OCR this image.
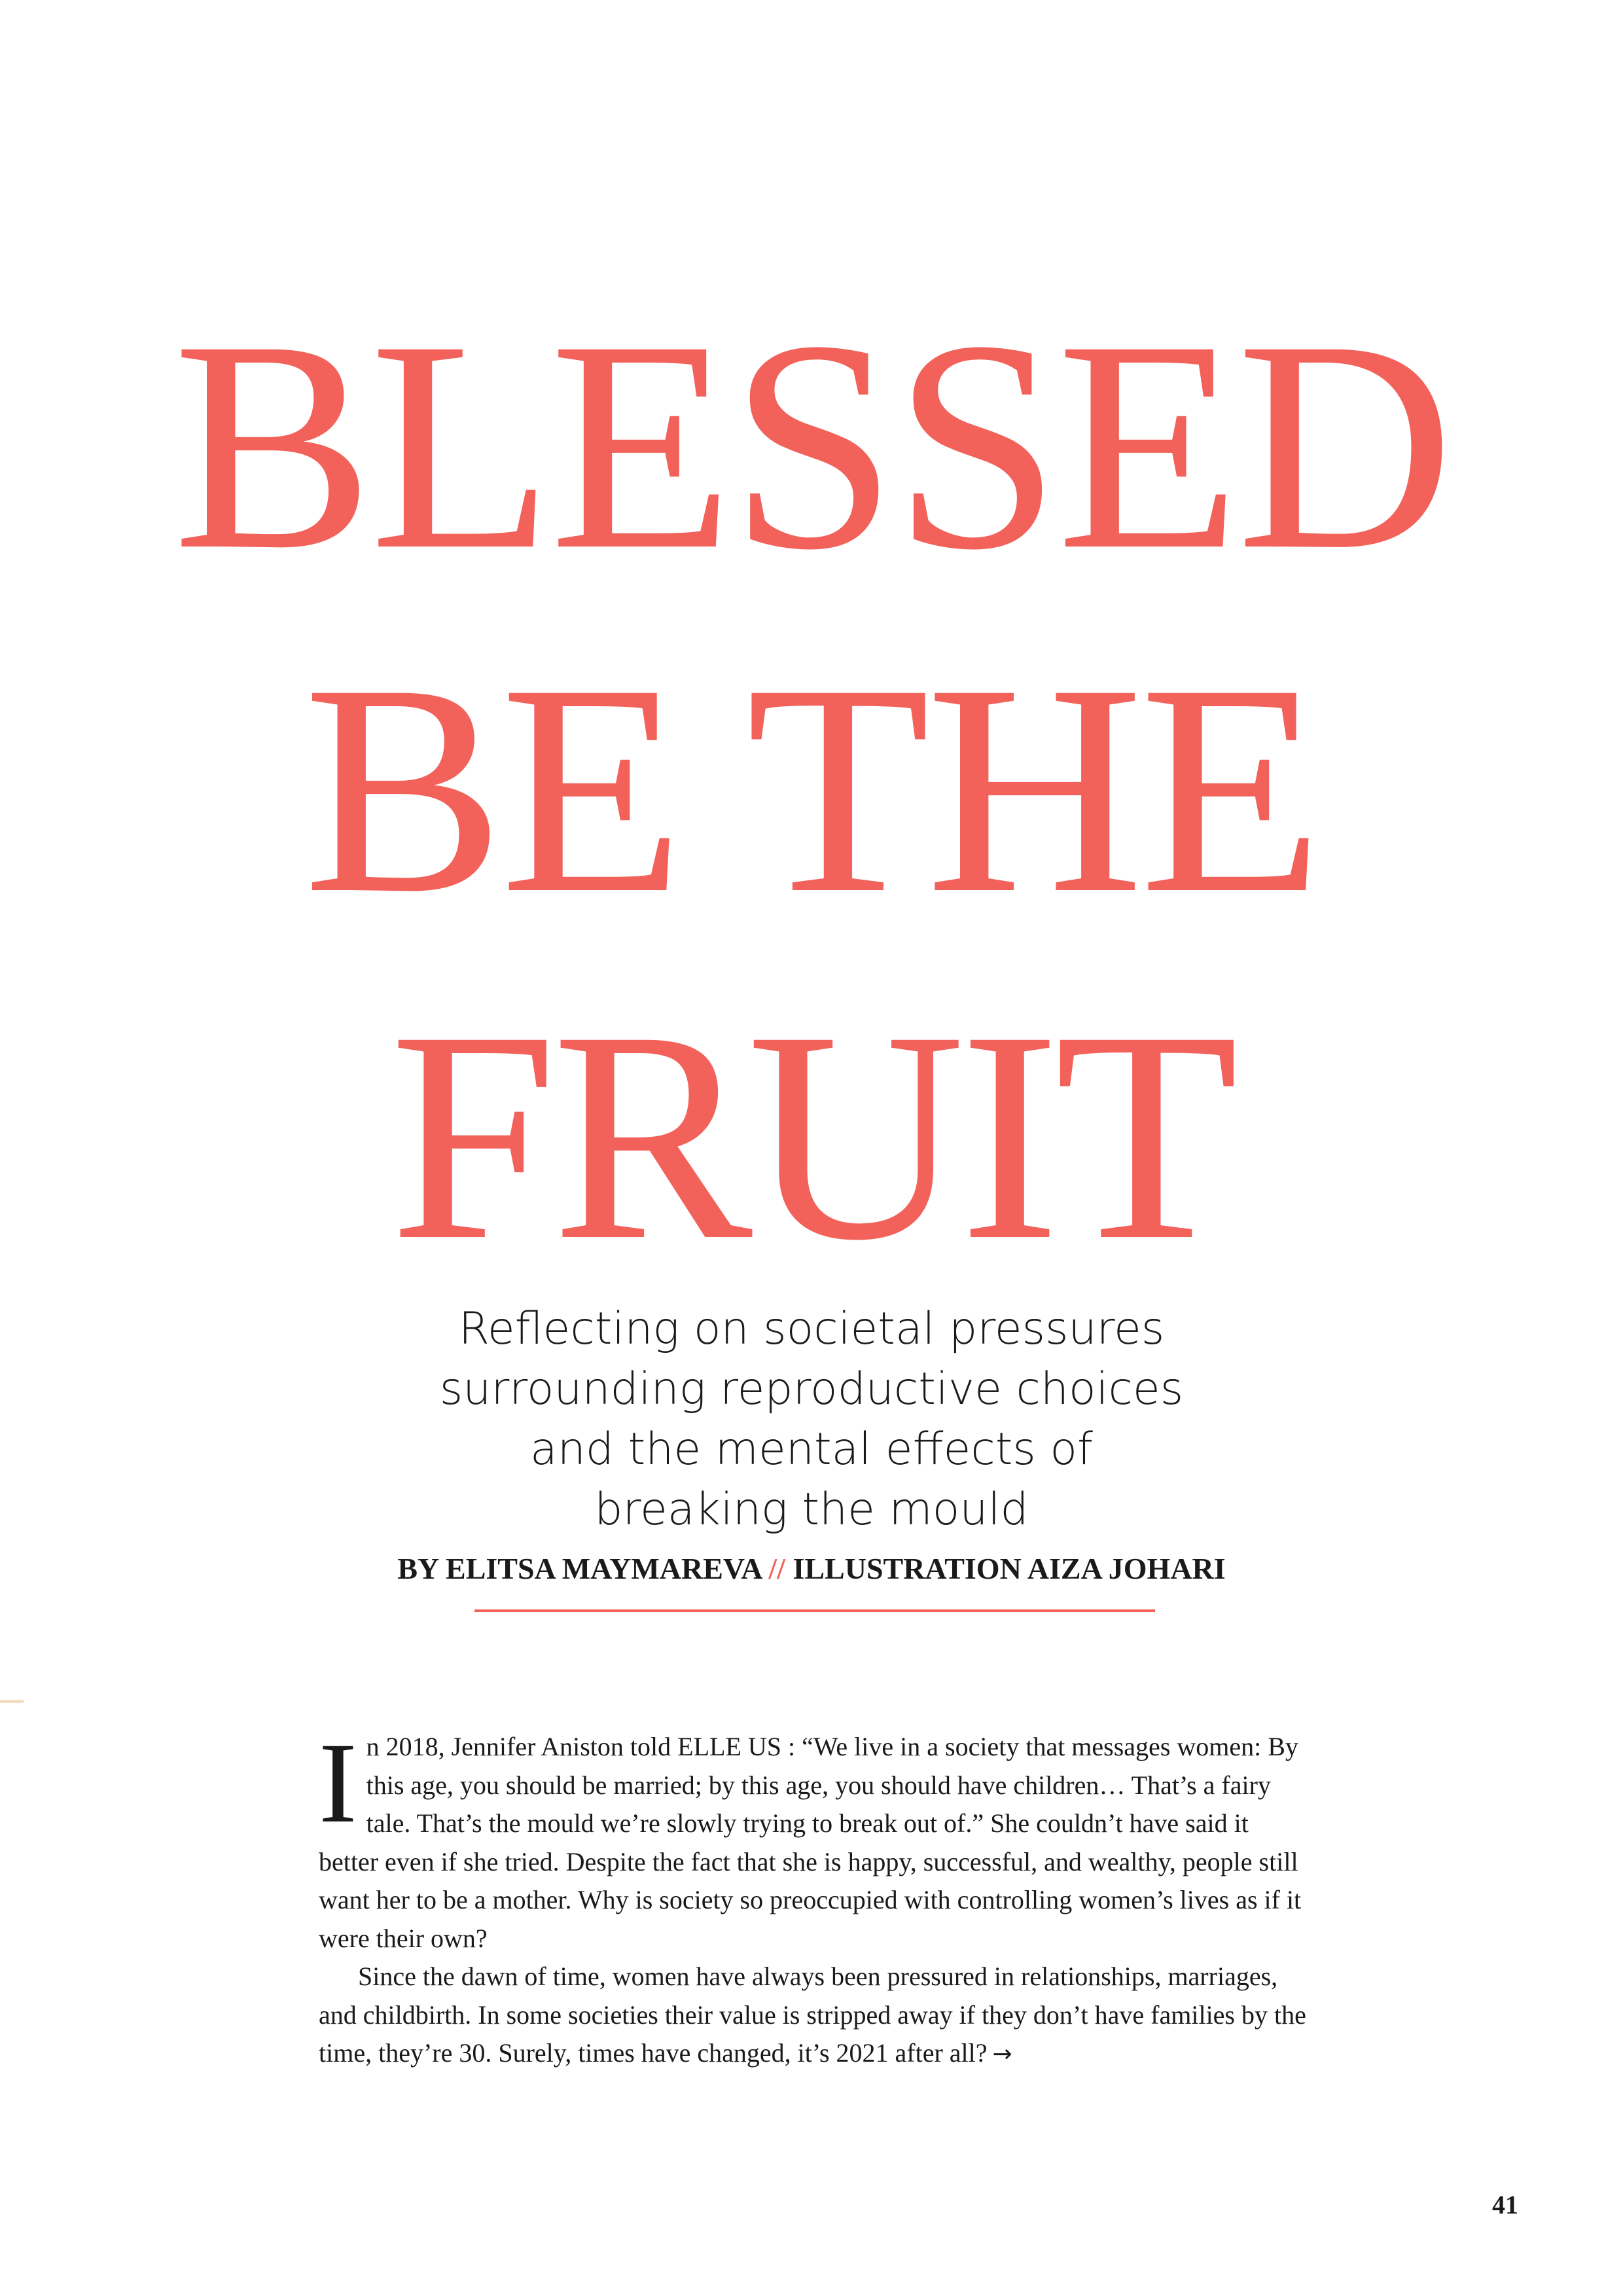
BLESSED
BE THE
FRUIT
Reflecting on societal pressures
surrounding reproductive choices
and the mental effects of
breaking the mould
BY ELITSA MAYMAREVA // ILLUSTRATION AIZA JOHARI

In 2018, Jennifer Aniston told ELLE US : “We live in a society that messages women: By this age, you should be married; by this age, you should have children… That’s a fairy tale. That’s the mould we’re slowly trying to break out of.” She couldn’t have said it better even if she tried. Despite the fact that she is happy, successful, and wealthy, people still want her to be a mother. Why is society so preoccupied with controlling women’s lives as if it were their own?

Since the dawn of time, women have always been pressured in relationships, marriages, and childbirth. In some societies their value is stripped away if they don’t have families by the time, they’re 30. Surely, times have changed, it’s 2021 after all? →

41
